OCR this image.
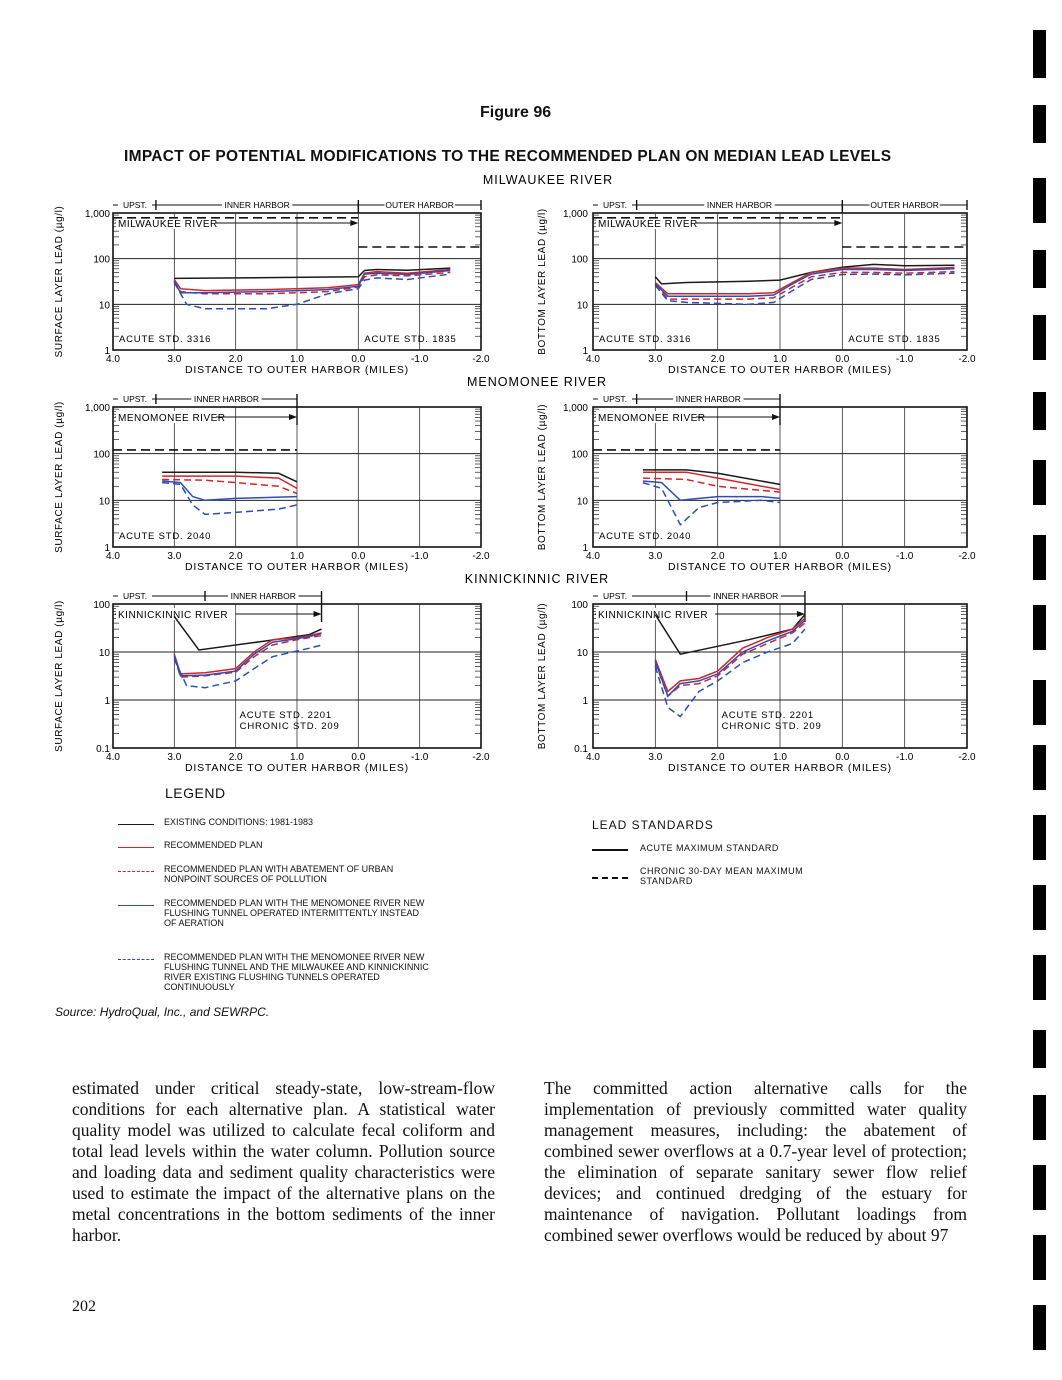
Figure 96
IMPACT OF POTENTIAL MODIFICATIONS TO THE RECOMMENDED PLAN ON MEDIAN LEAD LEVELS
MILWAUKEE RIVER
1,000
100
10
1
4.0	3.0	2.0	1.0	0.0	-1.0	-2.0
DISTANCE TO OUTER HARBOR (MILES)
SURFACE LAYER LEAD (µg/l)
UPST.	INNER HARBOR	OUTER HARBOR
MILWAUKEE RIVER
ACUTE STD. 3316	ACUTE STD. 1835
1,000
100
10
1
4.0	3.0	2.0	1.0	0.0	-1.0	-2.0
DISTANCE TO OUTER HARBOR (MILES)
BOTTOM LAYER LEAD (µg/l)
UPST.	INNER HARBOR	OUTER HARBOR
MILWAUKEE RIVER
ACUTE STD. 3316	ACUTE STD. 1835
MENOMONEE RIVER
1,000
100
10
1
4.0	3.0	2.0	1.0	0.0	-1.0	-2.0
DISTANCE TO OUTER HARBOR (MILES)
SURFACE LAYER LEAD (µg/l)
UPST.	INNER HARBOR
MENOMONEE RIVER
ACUTE STD. 2040
1,000
100
10
1
4.0	3.0	2.0	1.0	0.0	-1.0	-2.0
DISTANCE TO OUTER HARBOR (MILES)
BOTTOM LAYER LEAD (µg/l)
UPST.	INNER HARBOR
MENOMONEE RIVER
ACUTE STD. 2040
KINNICKINNIC RIVER
100
10
1
0.1
4.0	3.0	2.0	1.0	0.0	-1.0	-2.0
DISTANCE TO OUTER HARBOR (MILES)
SURFACE LAYER LEAD (µg/l)
UPST.	INNER HARBOR
KINNICKINNIC RIVER
ACUTE STD. 2201
CHRONIC STD. 209
100
10
1
0.1
4.0	3.0	2.0	1.0	0.0	-1.0	-2.0
DISTANCE TO OUTER HARBOR (MILES)
BOTTOM LAYER LEAD (µg/l)
UPST.	INNER HARBOR
KINNICKINNIC RIVER
ACUTE STD. 2201
CHRONIC STD. 209
LEGEND
EXISTING CONDITIONS: 1981-1983
RECOMMENDED PLAN
RECOMMENDED PLAN WITH ABATEMENT OF URBAN NONPOINT SOURCES OF POLLUTION
RECOMMENDED PLAN WITH THE MENOMONEE RIVER NEW FLUSHING TUNNEL OPERATED INTERMITTENTLY INSTEAD OF AERATION
RECOMMENDED PLAN WITH THE MENOMONEE RIVER NEW FLUSHING TUNNEL AND THE MILWAUKEE AND KINNICKINNIC RIVER EXISTING FLUSHING TUNNELS OPERATED CONTINUOUSLY
LEAD STANDARDS
ACUTE MAXIMUM STANDARD
CHRONIC 30-DAY MEAN MAXIMUM STANDARD
Source: HydroQual, Inc., and SEWRPC.
estimated under critical steady-state, low-stream-flow conditions for each alternative plan. A statistical water quality model was utilized to calculate fecal coliform and total lead levels within the water column. Pollution source and loading data and sediment quality characteristics were used to estimate the impact of the alternative plans on the metal concentrations in the bottom sediments of the inner harbor.
The committed action alternative calls for the implementation of previously committed water quality management measures, including: the abatement of combined sewer overflows at a 0.7-year level of protection; the elimination of separate sanitary sewer flow relief devices; and continued dredging of the estuary for maintenance of navigation. Pollutant loadings from combined sewer overflows would be reduced by about 97
202
